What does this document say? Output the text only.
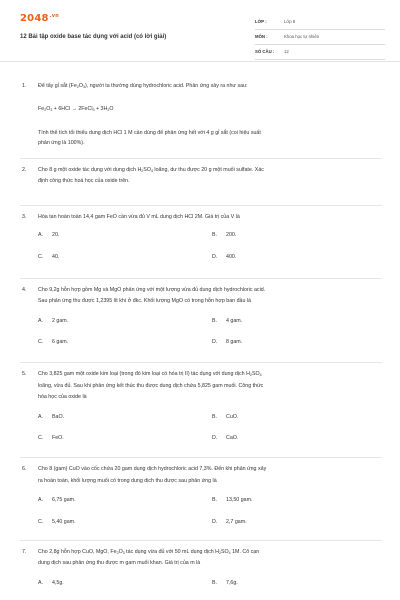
$2048^{.vn}$
12 Bài tập oxide base tác dụng với acid (có lời giải)
LỚP :	Lớp 8
MÔN :	Khoa học tự nhiên
SỐ CÂU : 12
1. Để tẩy gỉ sắt $(Fe_2O_3)$, người ta thường dùng hydrochloric acid. Phản ứng xảy ra như sau:
$Fe_2O_3 + 6HCl$ → 2FeCl$_3$ + $3H_2O$
Tính thể tích tối thiểu dung dịch HCl 1 M cần dùng để phản ứng hết với 4 g gỉ sắt (coi hiệu suất
phản ứng là 100%).
2. Cho 8 g một oxide tác dụng với dung dịch $H_2SO_4$ loãng, dư thu được 20 g một muối sulfate. Xác
định công thức hoá học của oxide trên.
3. Hòa tan hoàn toàn 14,4 gam FeO cần vừa đủ V mL dung dịch HCl 2M. Giá trị của V là
A. 20.	B. 200.
C. 40.	D. 400.
4. Cho 9,2g hỗn hợp gồm Mg và MgO phản ứng với một lượng vừa đủ dung dịch hydrochloric acid.
Sau phản ứng thu được 1,2395 lít khí ở đkc. Khối lượng MgO có trong hỗn hợp ban đầu là
A. 2 gam.	B. 4 gam.
C. 6 gam.	D. 8 gam.
5. Cho 3,825 gam một oxide kim loại (trong đó kim loại có hóa trị II) tác dụng với dung dịch $H_2SO_4$
loãng, vừa đủ. Sau khi phản ứng kết thúc thu được dung dịch chứa 5,825 gam muối. Công thức
hóa học của oxide là
A. BaO.	B. CuO.
C. FeO.	D. CaO.
6. Cho 8 (gam) CuO vào cốc chứa 20 gam dung dịch hydrochloric acid 7,3%. Đến khi phản ứng xảy
ra hoàn toàn, khối lượng muối có trong dung dịch thu được sau phản ứng là
A. 6,75 gam.	B. 13,50 gam.
C. 5,40 gam.	D. 2,7 gam.
7. Cho 2,8g hỗn hợp CuO, MgO, $Fe_2O_3$ tác dụng vừa đủ với 50 mL dung dịch $H_2SO_4$ 1M. Cô cạn
dung dịch sau phản ứng thu được m gam muối khan. Giá trị của m là
A. 4,5g.	B. 7,6g.
